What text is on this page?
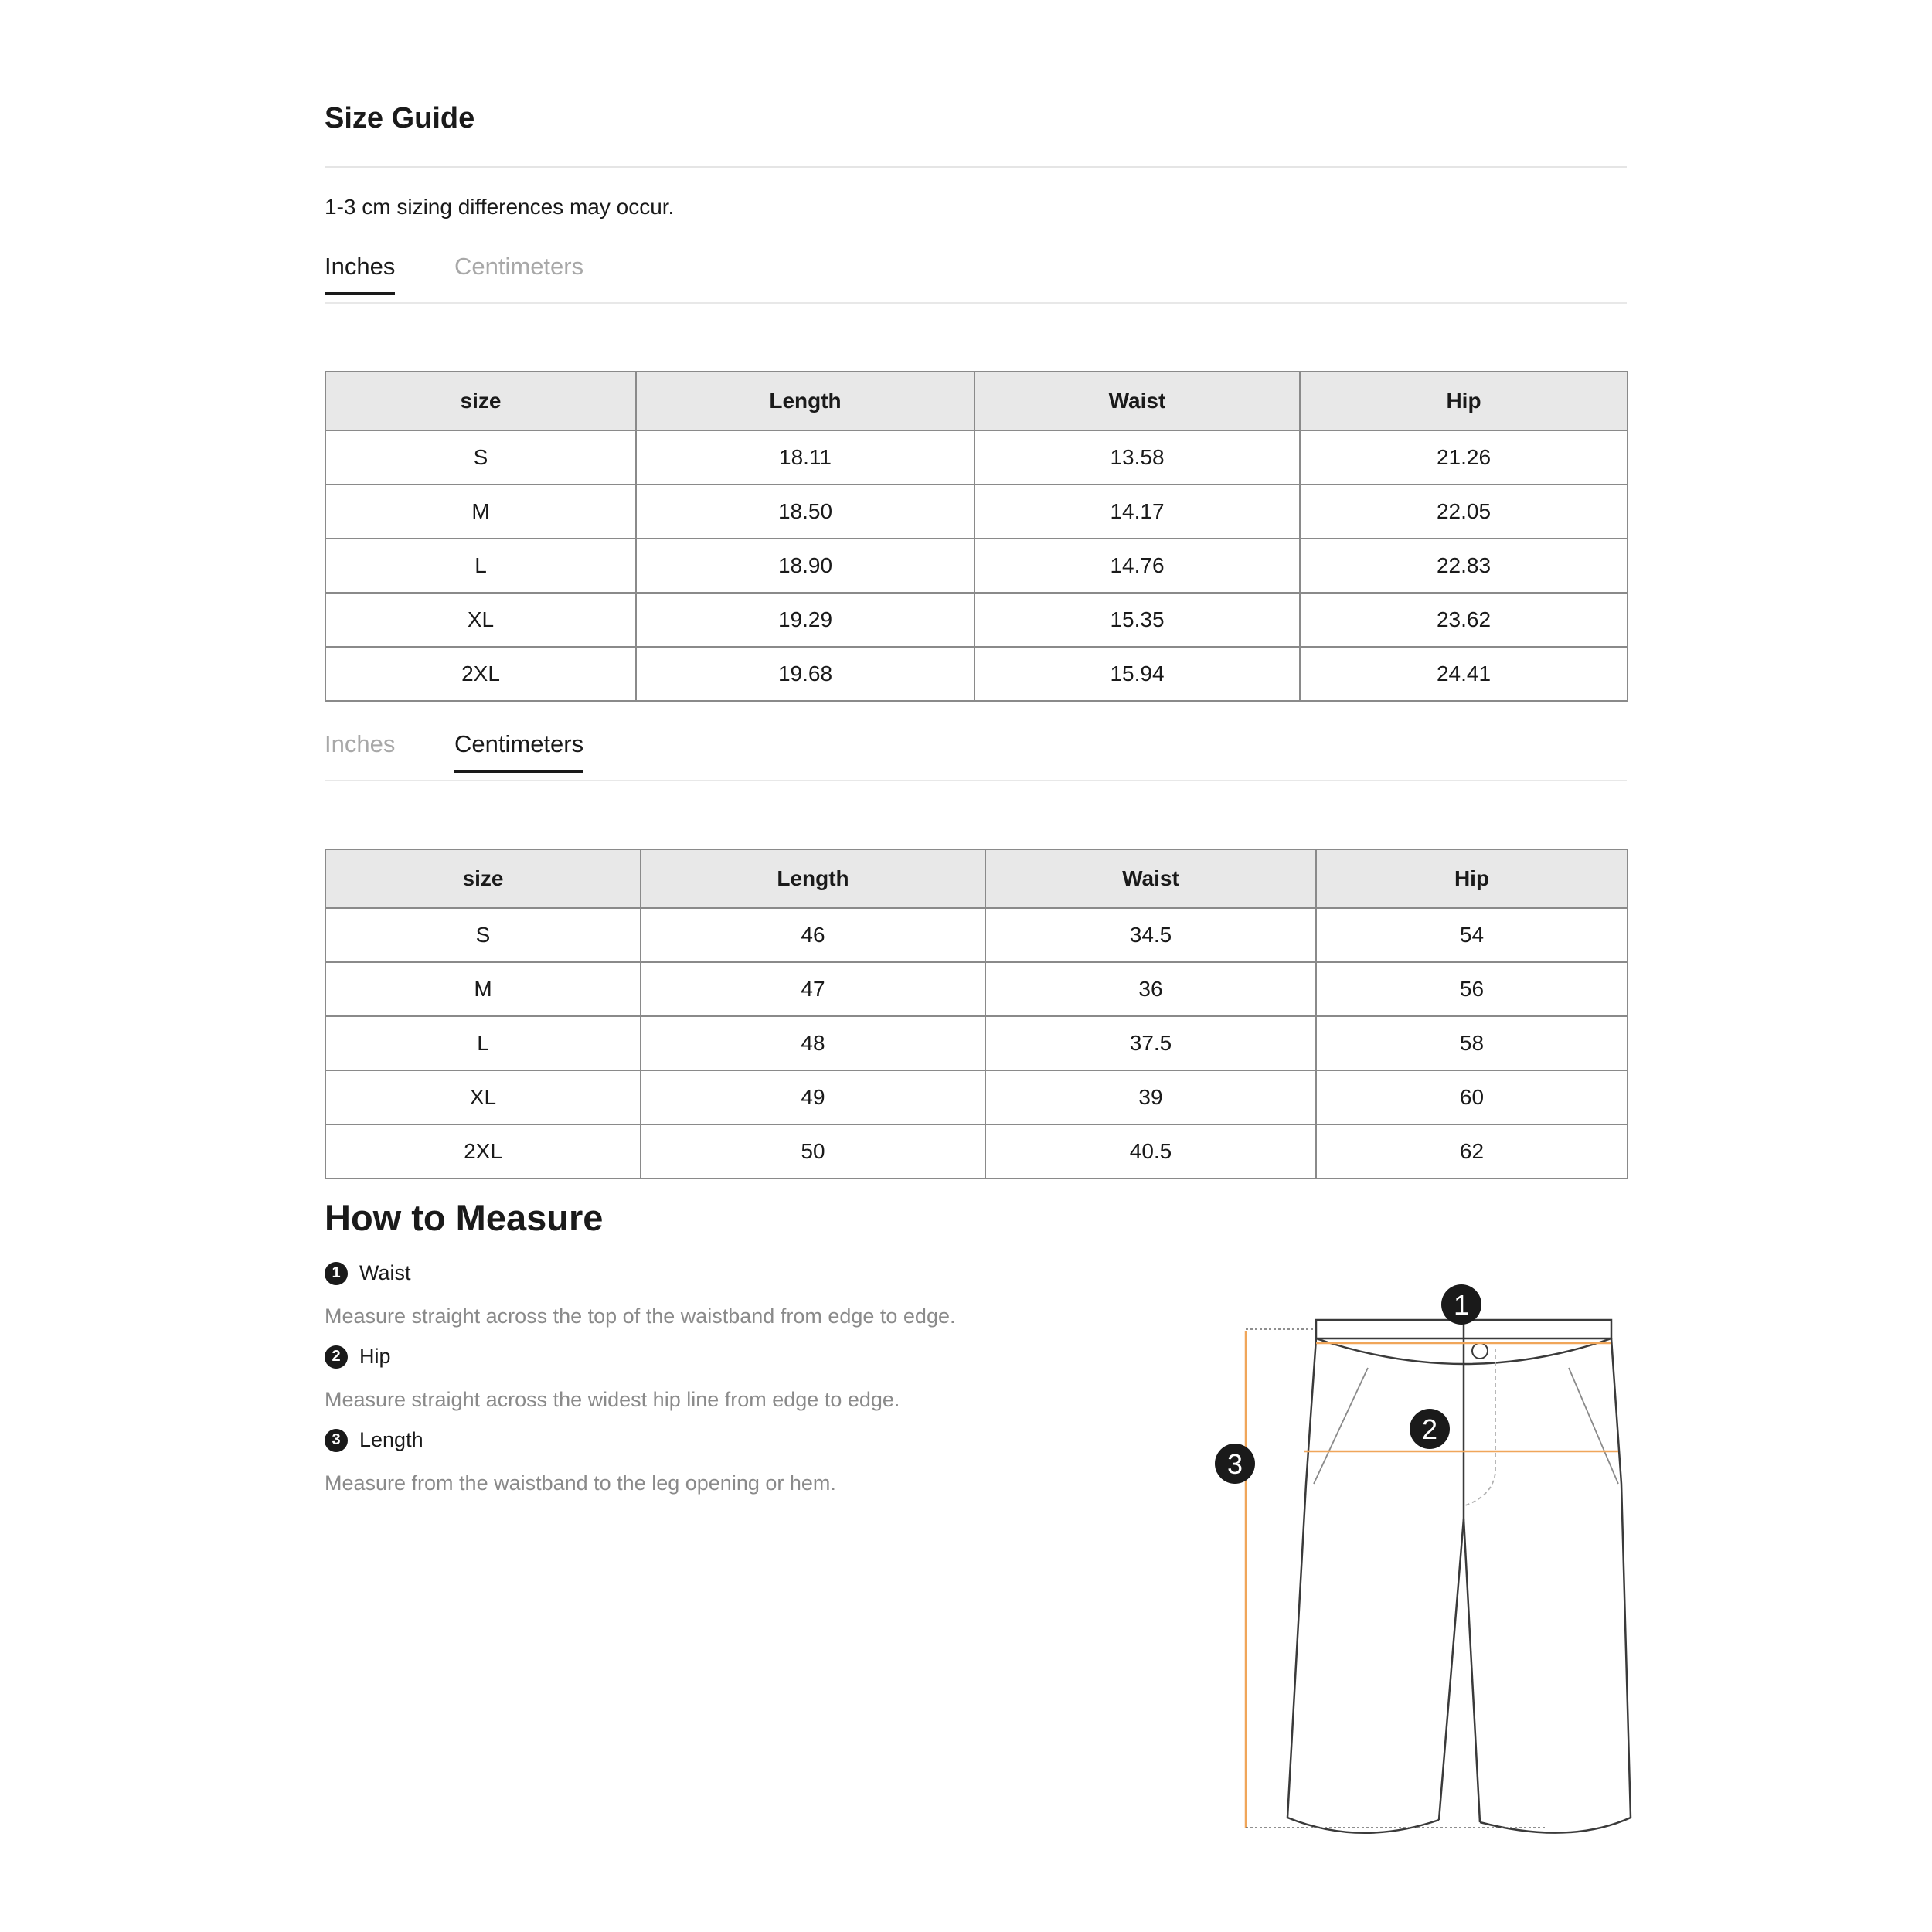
Size Guide
1-3 cm sizing differences may occur.
Inches Centimeters
size	Length	Waist	Hip
S	18.11	13.58	21.26
M	18.50	14.17	22.05
L	18.90	14.76	22.83
XL	19.29	15.35	23.62
2XL	19.68	15.94	24.41
Inches Centimeters
size	Length	Waist	Hip
S	46	34.5	54
M	47	36	56
L	48	37.5	58
XL	49	39	60
2XL	50	40.5	62
How to Measure
1 Waist
Measure straight across the top of the waistband from edge to edge.
2 Hip
Measure straight across the widest hip line from edge to edge.
3 Length
Measure from the waistband to the leg opening or hem.
1
2
3
